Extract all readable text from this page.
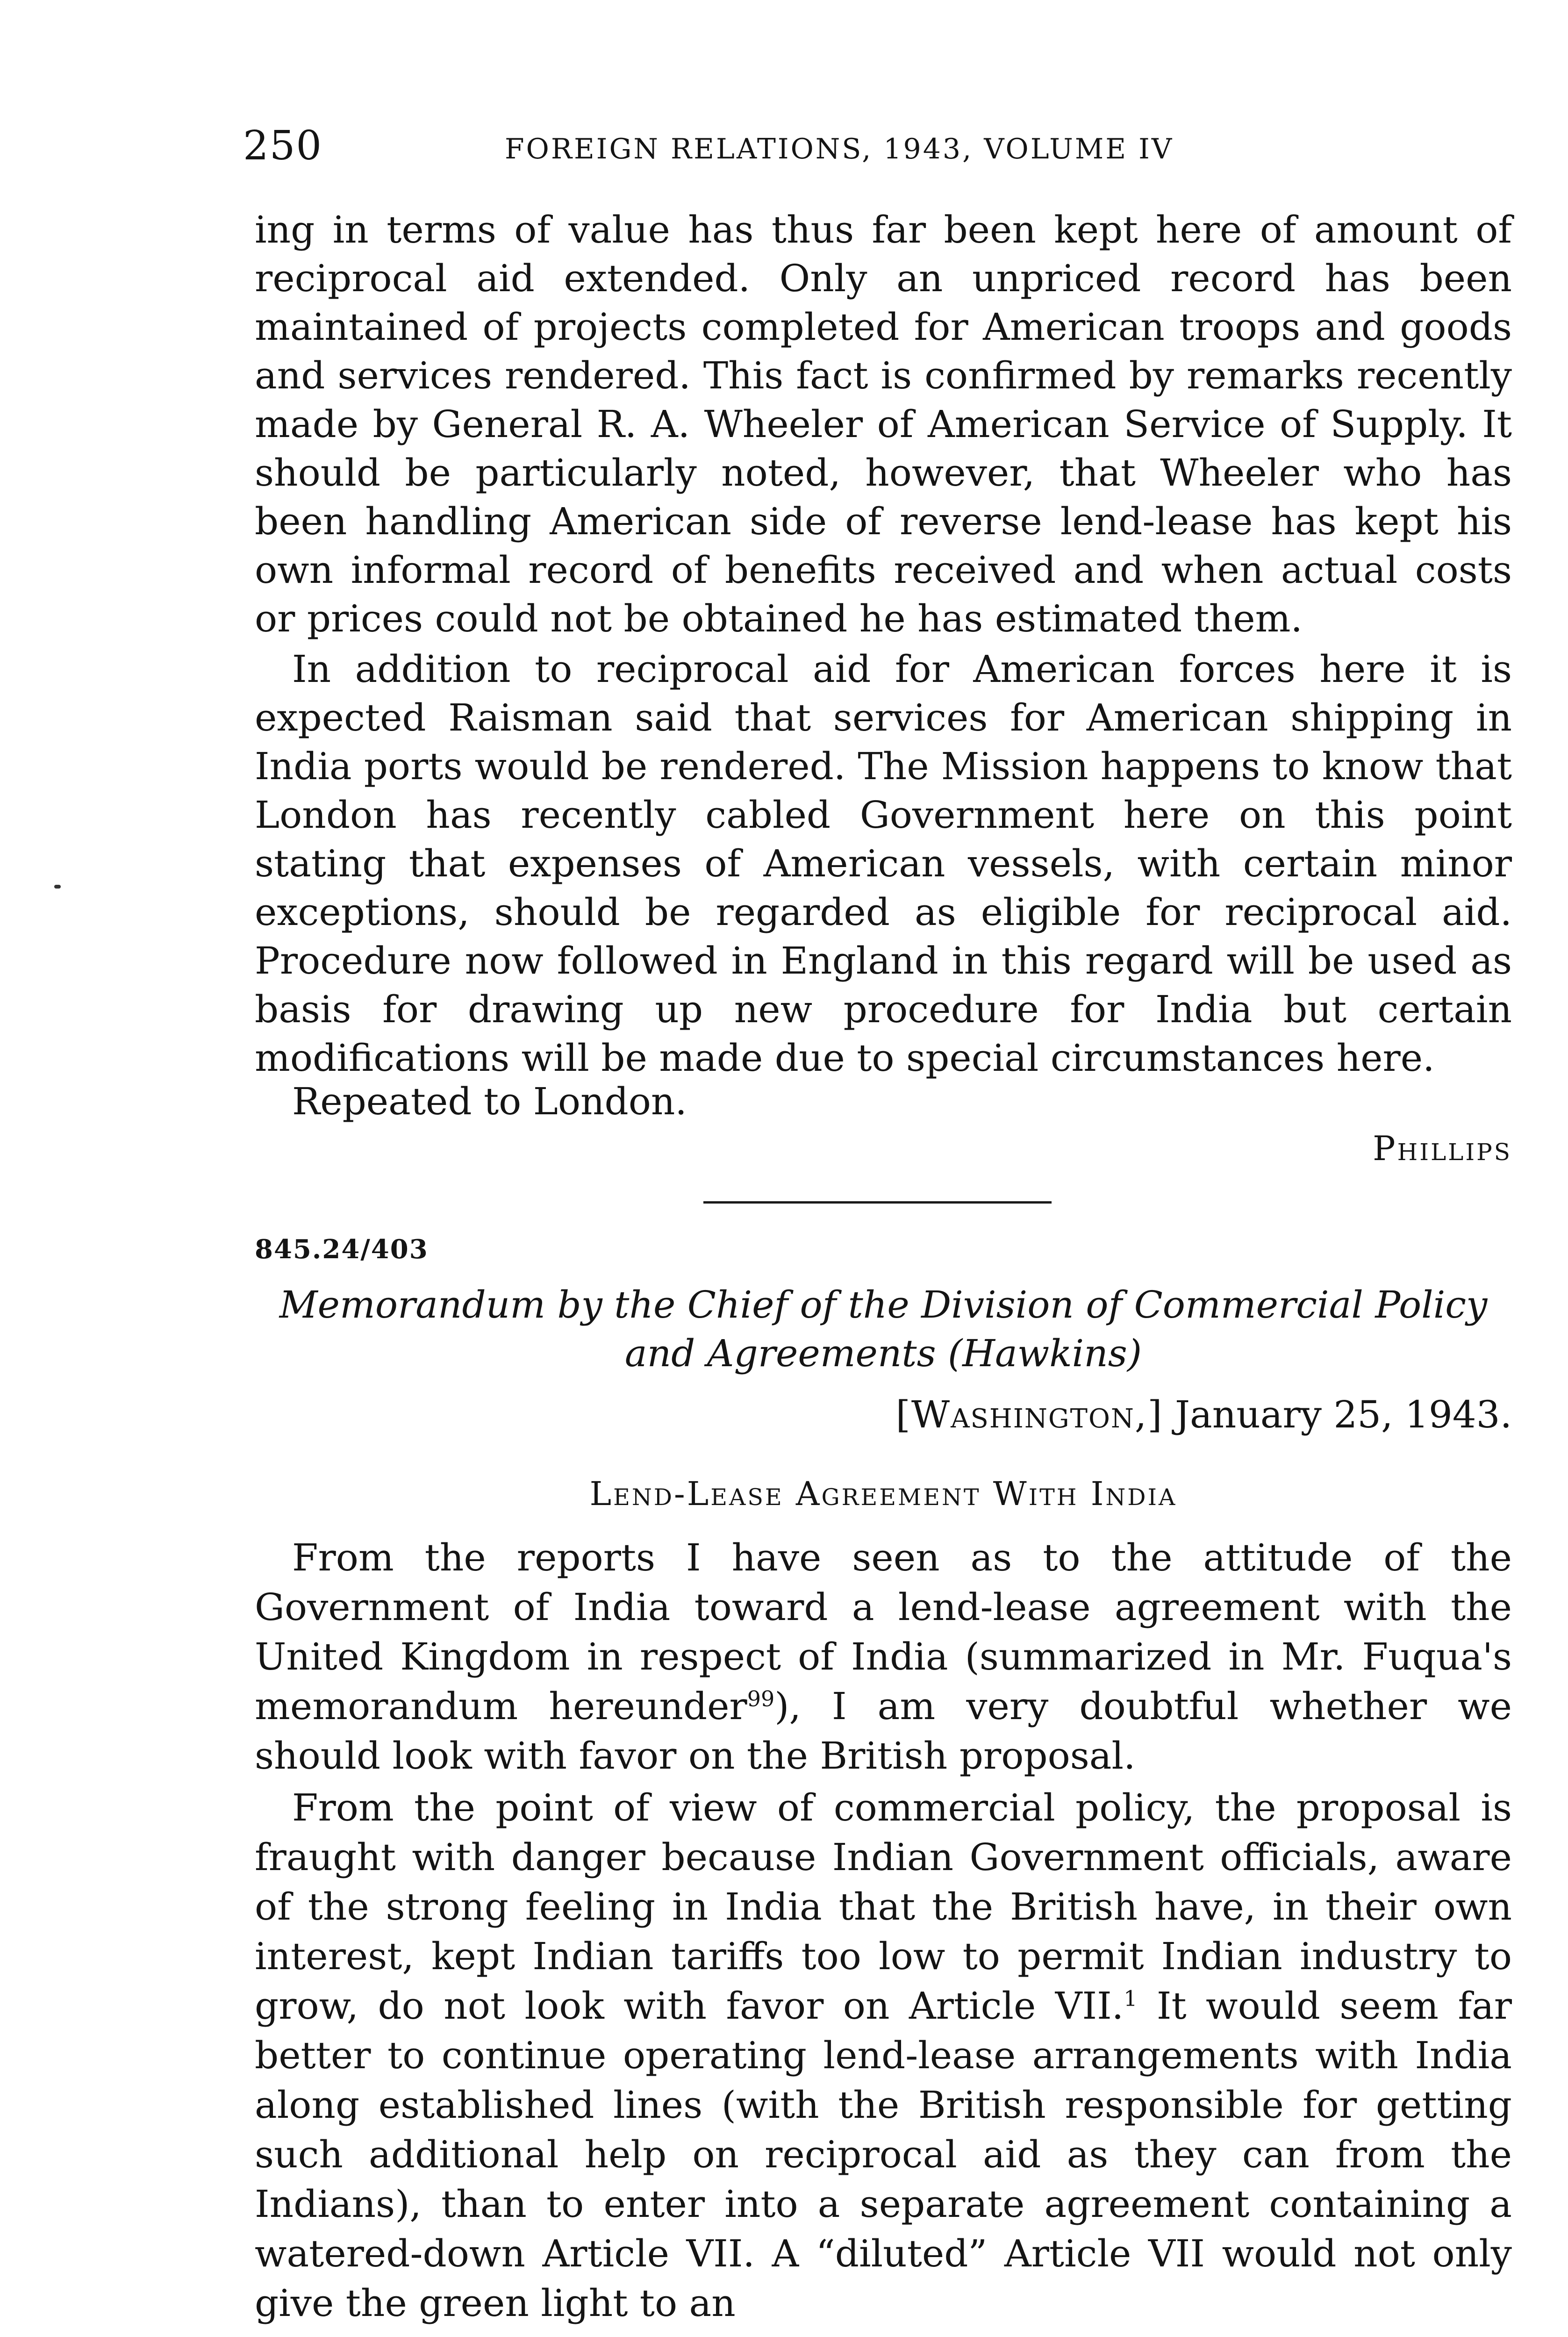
250	FOREIGN RELATIONS, 1943, VOLUME IV

ing in terms of value has thus far been kept here of amount of reciprocal aid extended. Only an unpriced record has been maintained of projects completed for American troops and goods and services rendered. This fact is confirmed by remarks recently made by General R. A. Wheeler of American Service of Supply. It should be particularly noted, however, that Wheeler who has been handling American side of reverse lend-lease has kept his own informal record of benefits received and when actual costs or prices could not be obtained he has estimated them.

In addition to reciprocal aid for American forces here it is expected Raisman said that services for American shipping in India ports would be rendered. The Mission happens to know that London has recently cabled Government here on this point stating that expenses of American vessels, with certain minor exceptions, should be regarded as eligible for reciprocal aid. Procedure now followed in England in this regard will be used as basis for drawing up new procedure for India but certain modifications will be made due to special circumstances here.

Repeated to London.

Phillips
845.24/403

Memorandum by the Chief of the Division of Commercial Policy and Agreements (Hawkins)

[Washington,] January 25, 1943.
Lend-Lease Agreement With India

From the reports I have seen as to the attitude of the Government of India toward a lend-lease agreement with the United Kingdom in respect of India (summarized in Mr. Fuqua's memorandum hereunder$^{99}$), I am very doubtful whether we should look with favor on the British proposal.

From the point of view of commercial policy, the proposal is fraught with danger because Indian Government officials, aware of the strong feeling in India that the British have, in their own interest, kept Indian tariffs too low to permit Indian industry to grow, do not look with favor on Article VII.$^1$ It would seem far better to continue operating lend-lease arrangements with India along established lines (with the British responsible for getting such additional help on reciprocal aid as they can from the Indians), than to enter into a separate agreement containing a watered-down Article VII. A “diluted” Article VII would not only give the green light to an
